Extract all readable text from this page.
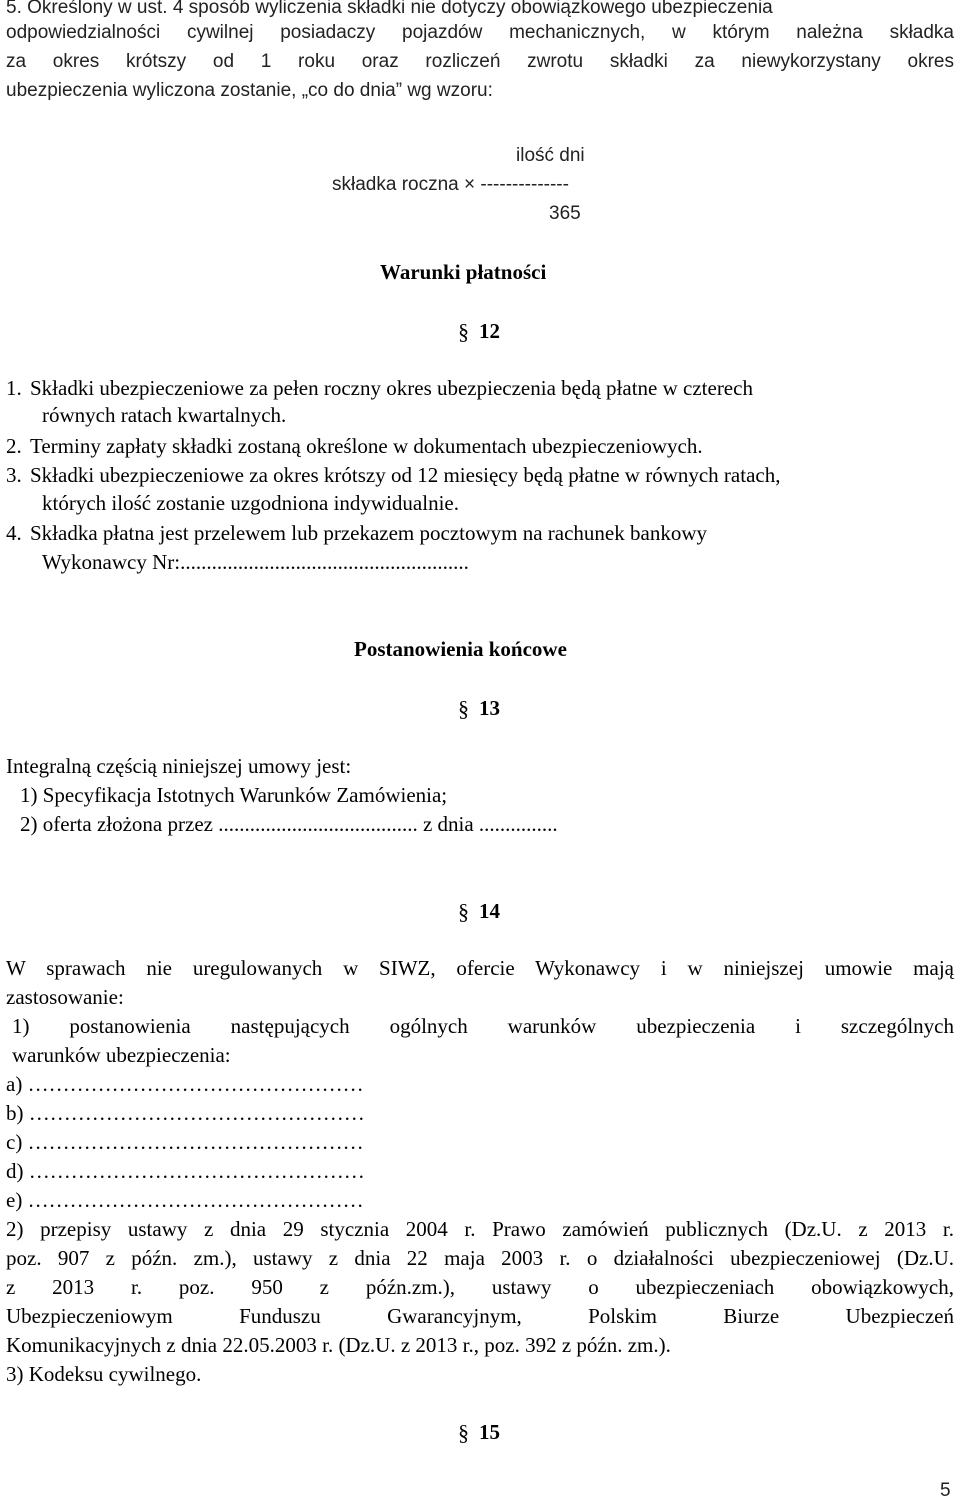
5. Określony w ust. 4 sposób wyliczenia składki nie dotyczy obowiązkowego ubezpieczenia
odpowiedzialności cywilnej posiadaczy pojazdów mechanicznych, w którym należna składka
za okres krótszy od 1 roku oraz rozliczeń zwrotu składki za niewykorzystany okres
ubezpieczenia wyliczona zostanie, „co do dnia” wg wzoru:
ilość dni
składka roczna × --------------
365
Warunki płatności
§ 12
1. Składki ubezpieczeniowe za pełen roczny okres ubezpieczenia będą płatne w czterech
równych ratach kwartalnych.
2. Terminy zapłaty składki zostaną określone w dokumentach ubezpieczeniowych.
3. Składki ubezpieczeniowe za okres krótszy od 12 miesięcy będą płatne w równych ratach,
których ilość zostanie uzgodniona indywidualnie.
4. Składka płatna jest przelewem lub przekazem pocztowym na rachunek bankowy
Wykonawcy Nr:.......................................................
Postanowienia końcowe
§ 13
Integralną częścią niniejszej umowy jest:
1) Specyfikacja Istotnych Warunków Zamówienia;
2) oferta złożona przez ...................................... z dnia ...............
§ 14
W sprawach nie uregulowanych w SIWZ, ofercie Wykonawcy i w niniejszej umowie mają
zastosowanie:
1) postanowienia następujących ogólnych warunków ubezpieczenia i szczególnych
warunków ubezpieczenia:
a) …………………………………………
b) …………………………………………
c) …………………………………………
d) …………………………………………
e) …………………………………………
2) przepisy ustawy z dnia 29 stycznia 2004 r. Prawo zamówień publicznych (Dz.U. z 2013 r.
poz. 907 z późn. zm.), ustawy z dnia 22 maja 2003 r. o działalności ubezpieczeniowej (Dz.U.
z 2013 r. poz. 950 z późn.zm.), ustawy o ubezpieczeniach obowiązkowych,
Ubezpieczeniowym Funduszu Gwarancyjnym, Polskim Biurze Ubezpieczeń
Komunikacyjnych z dnia 22.05.2003 r. (Dz.U. z 2013 r., poz. 392 z późn. zm.).
3) Kodeksu cywilnego.
§ 15
5
